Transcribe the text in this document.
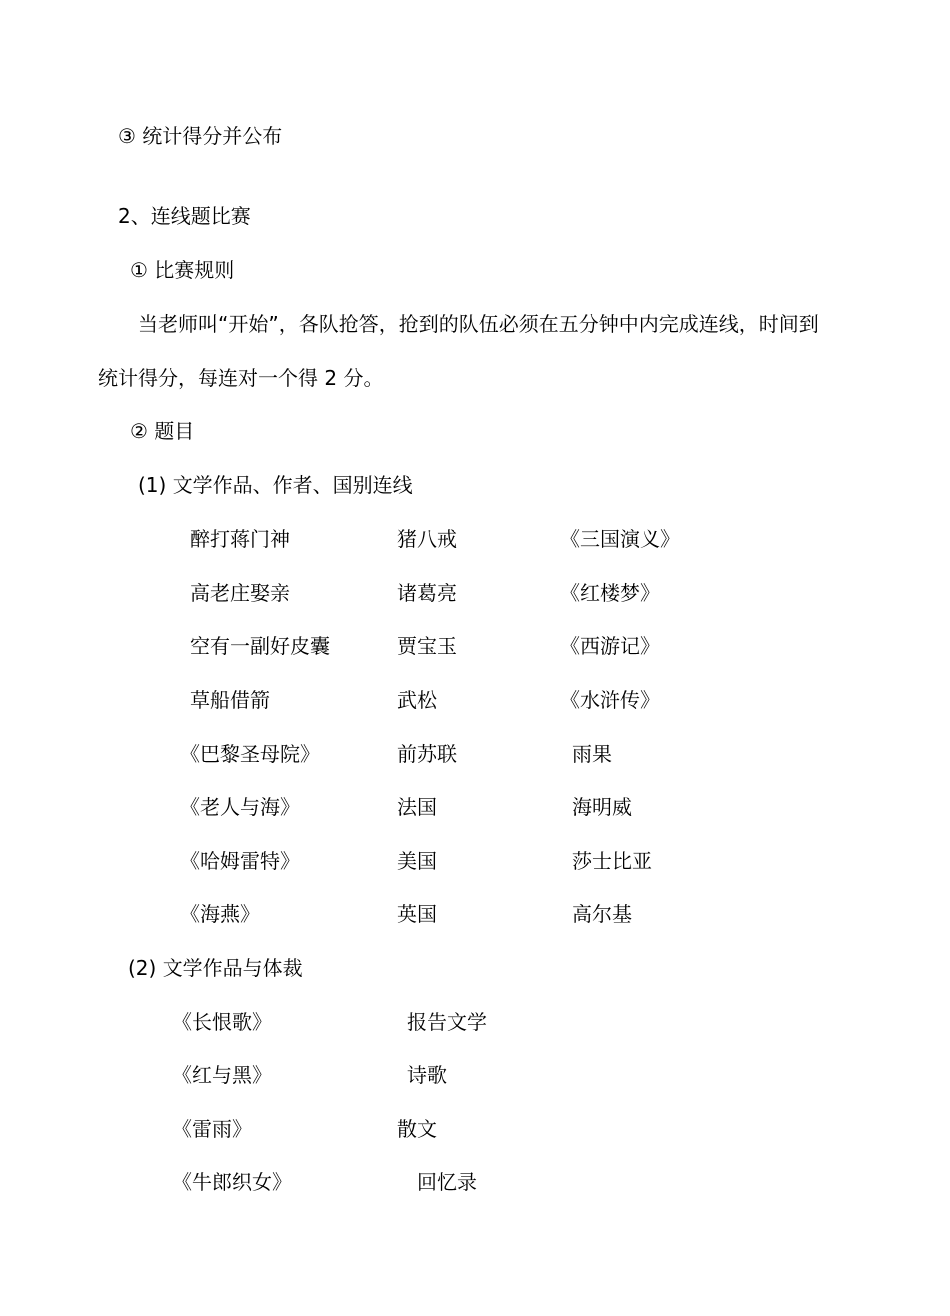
③ 统计得分并公布
2、连线题比赛
① 比赛规则
当老师叫“开始”，各队抢答，抢到的队伍必须在五分钟中内完成连线，时间到
统计得分，每连对一个得 2 分。
② 题目
(1) 文学作品、作者、国别连线
醉打蒋门神	猪八戒	《三国演义》
高老庄娶亲	诸葛亮	《红楼梦》
空有一副好皮囊	贾宝玉	《西游记》
草船借箭	武松	《水浒传》
《巴黎圣母院》	前苏联	雨果
《老人与海》	法国	海明威
《哈姆雷特》	美国	莎士比亚
《海燕》	英国	高尔基
(2) 文学作品与体裁
《长恨歌》	报告文学
《红与黑》	诗歌
《雷雨》	散文
《牛郎织女》	回忆录
